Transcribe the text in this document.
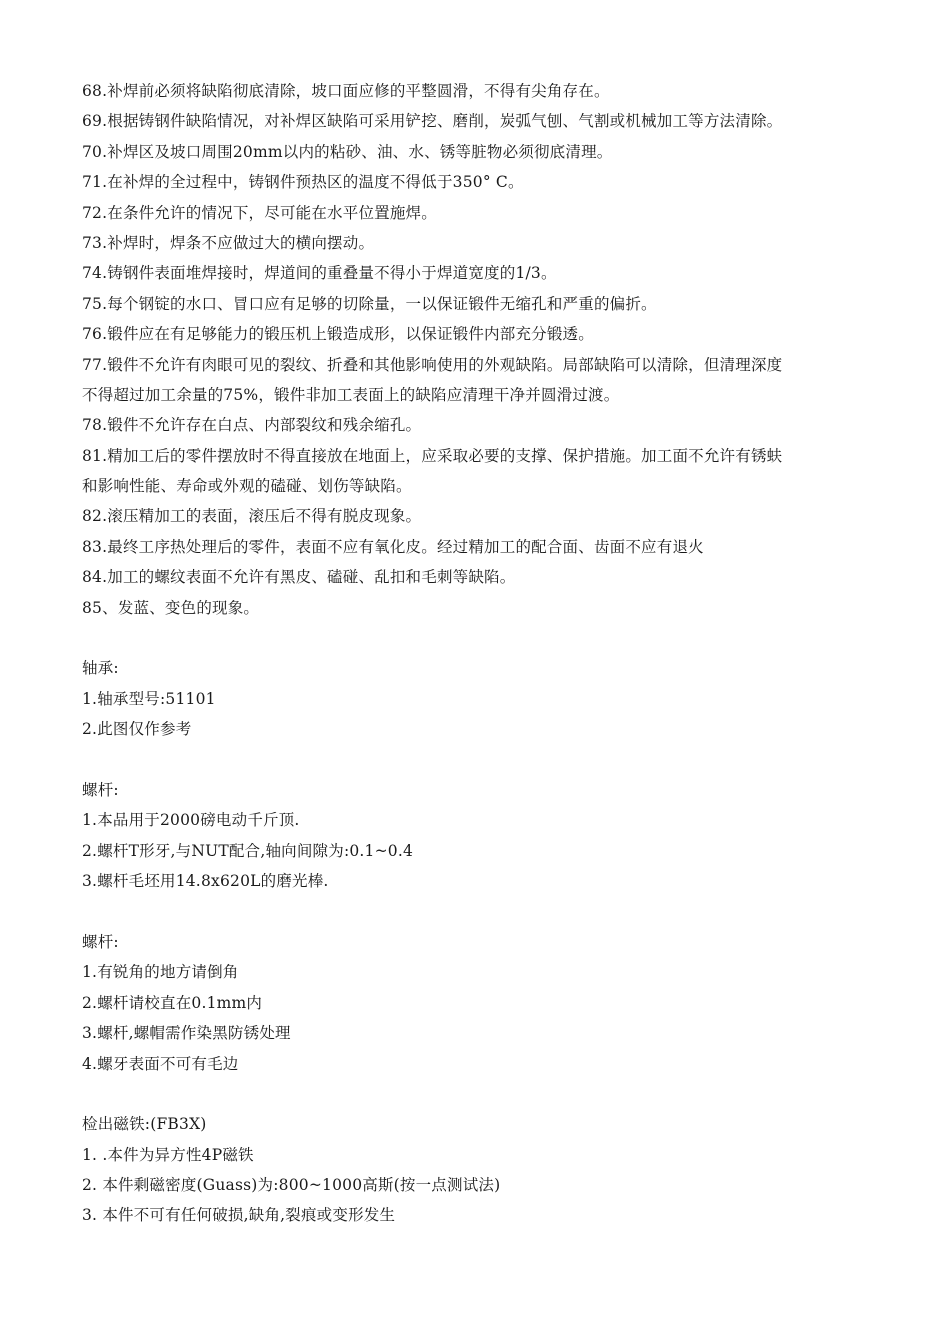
68.补焊前必须将缺陷彻底清除，坡口面应修的平整圆滑，不得有尖角存在。
69.根据铸钢件缺陷情况，对补焊区缺陷可采用铲挖、磨削，炭弧气刨、气割或机械加工等方法清除。
70.补焊区及坡口周围20mm以内的粘砂、油、水、锈等脏物必须彻底清理。
71.在补焊的全过程中，铸钢件预热区的温度不得低于350° C。
72.在条件允许的情况下，尽可能在水平位置施焊。
73.补焊时，焊条不应做过大的横向摆动。
74.铸钢件表面堆焊接时，焊道间的重叠量不得小于焊道宽度的1/3。
75.每个钢锭的水口、冒口应有足够的切除量，一以保证锻件无缩孔和严重的偏折。
76.锻件应在有足够能力的锻压机上锻造成形，以保证锻件内部充分锻透。
77.锻件不允许有肉眼可见的裂纹、折叠和其他影响使用的外观缺陷。局部缺陷可以清除，但清理深度
不得超过加工余量的75%，锻件非加工表面上的缺陷应清理干净并圆滑过渡。
78.锻件不允许存在白点、内部裂纹和残余缩孔。
81.精加工后的零件摆放时不得直接放在地面上，应采取必要的支撑、保护措施。加工面不允许有锈蚨
和影响性能、寿命或外观的磕碰、划伤等缺陷。
82.滚压精加工的表面，滚压后不得有脱皮现象。
83.最终工序热处理后的零件，表面不应有氧化皮。经过精加工的配合面、齿面不应有退火
84.加工的螺纹表面不允许有黑皮、磕碰、乱扣和毛刺等缺陷。
85、发蓝、变色的现象。
轴承:
1.轴承型号:51101
2.此图仅作参考
螺杆:
1.本品用于2000磅电动千斤顶.
2.螺杆T形牙,与NUT配合,轴向间隙为:0.1~0.4
3.螺杆毛坯用14.8x620L的磨光棒.
螺杆:
1.有锐角的地方请倒角
2.螺杆请校直在0.1mm内
3.螺杆,螺帽需作染黑防锈处理
4.螺牙表面不可有毛边
检出磁铁:(FB3X)
1. .本件为异方性4P磁铁
2. 本件剩磁密度(Guass)为:800~1000高斯(按一点测试法)
3. 本件不可有任何破损,缺角,裂痕或变形发生
